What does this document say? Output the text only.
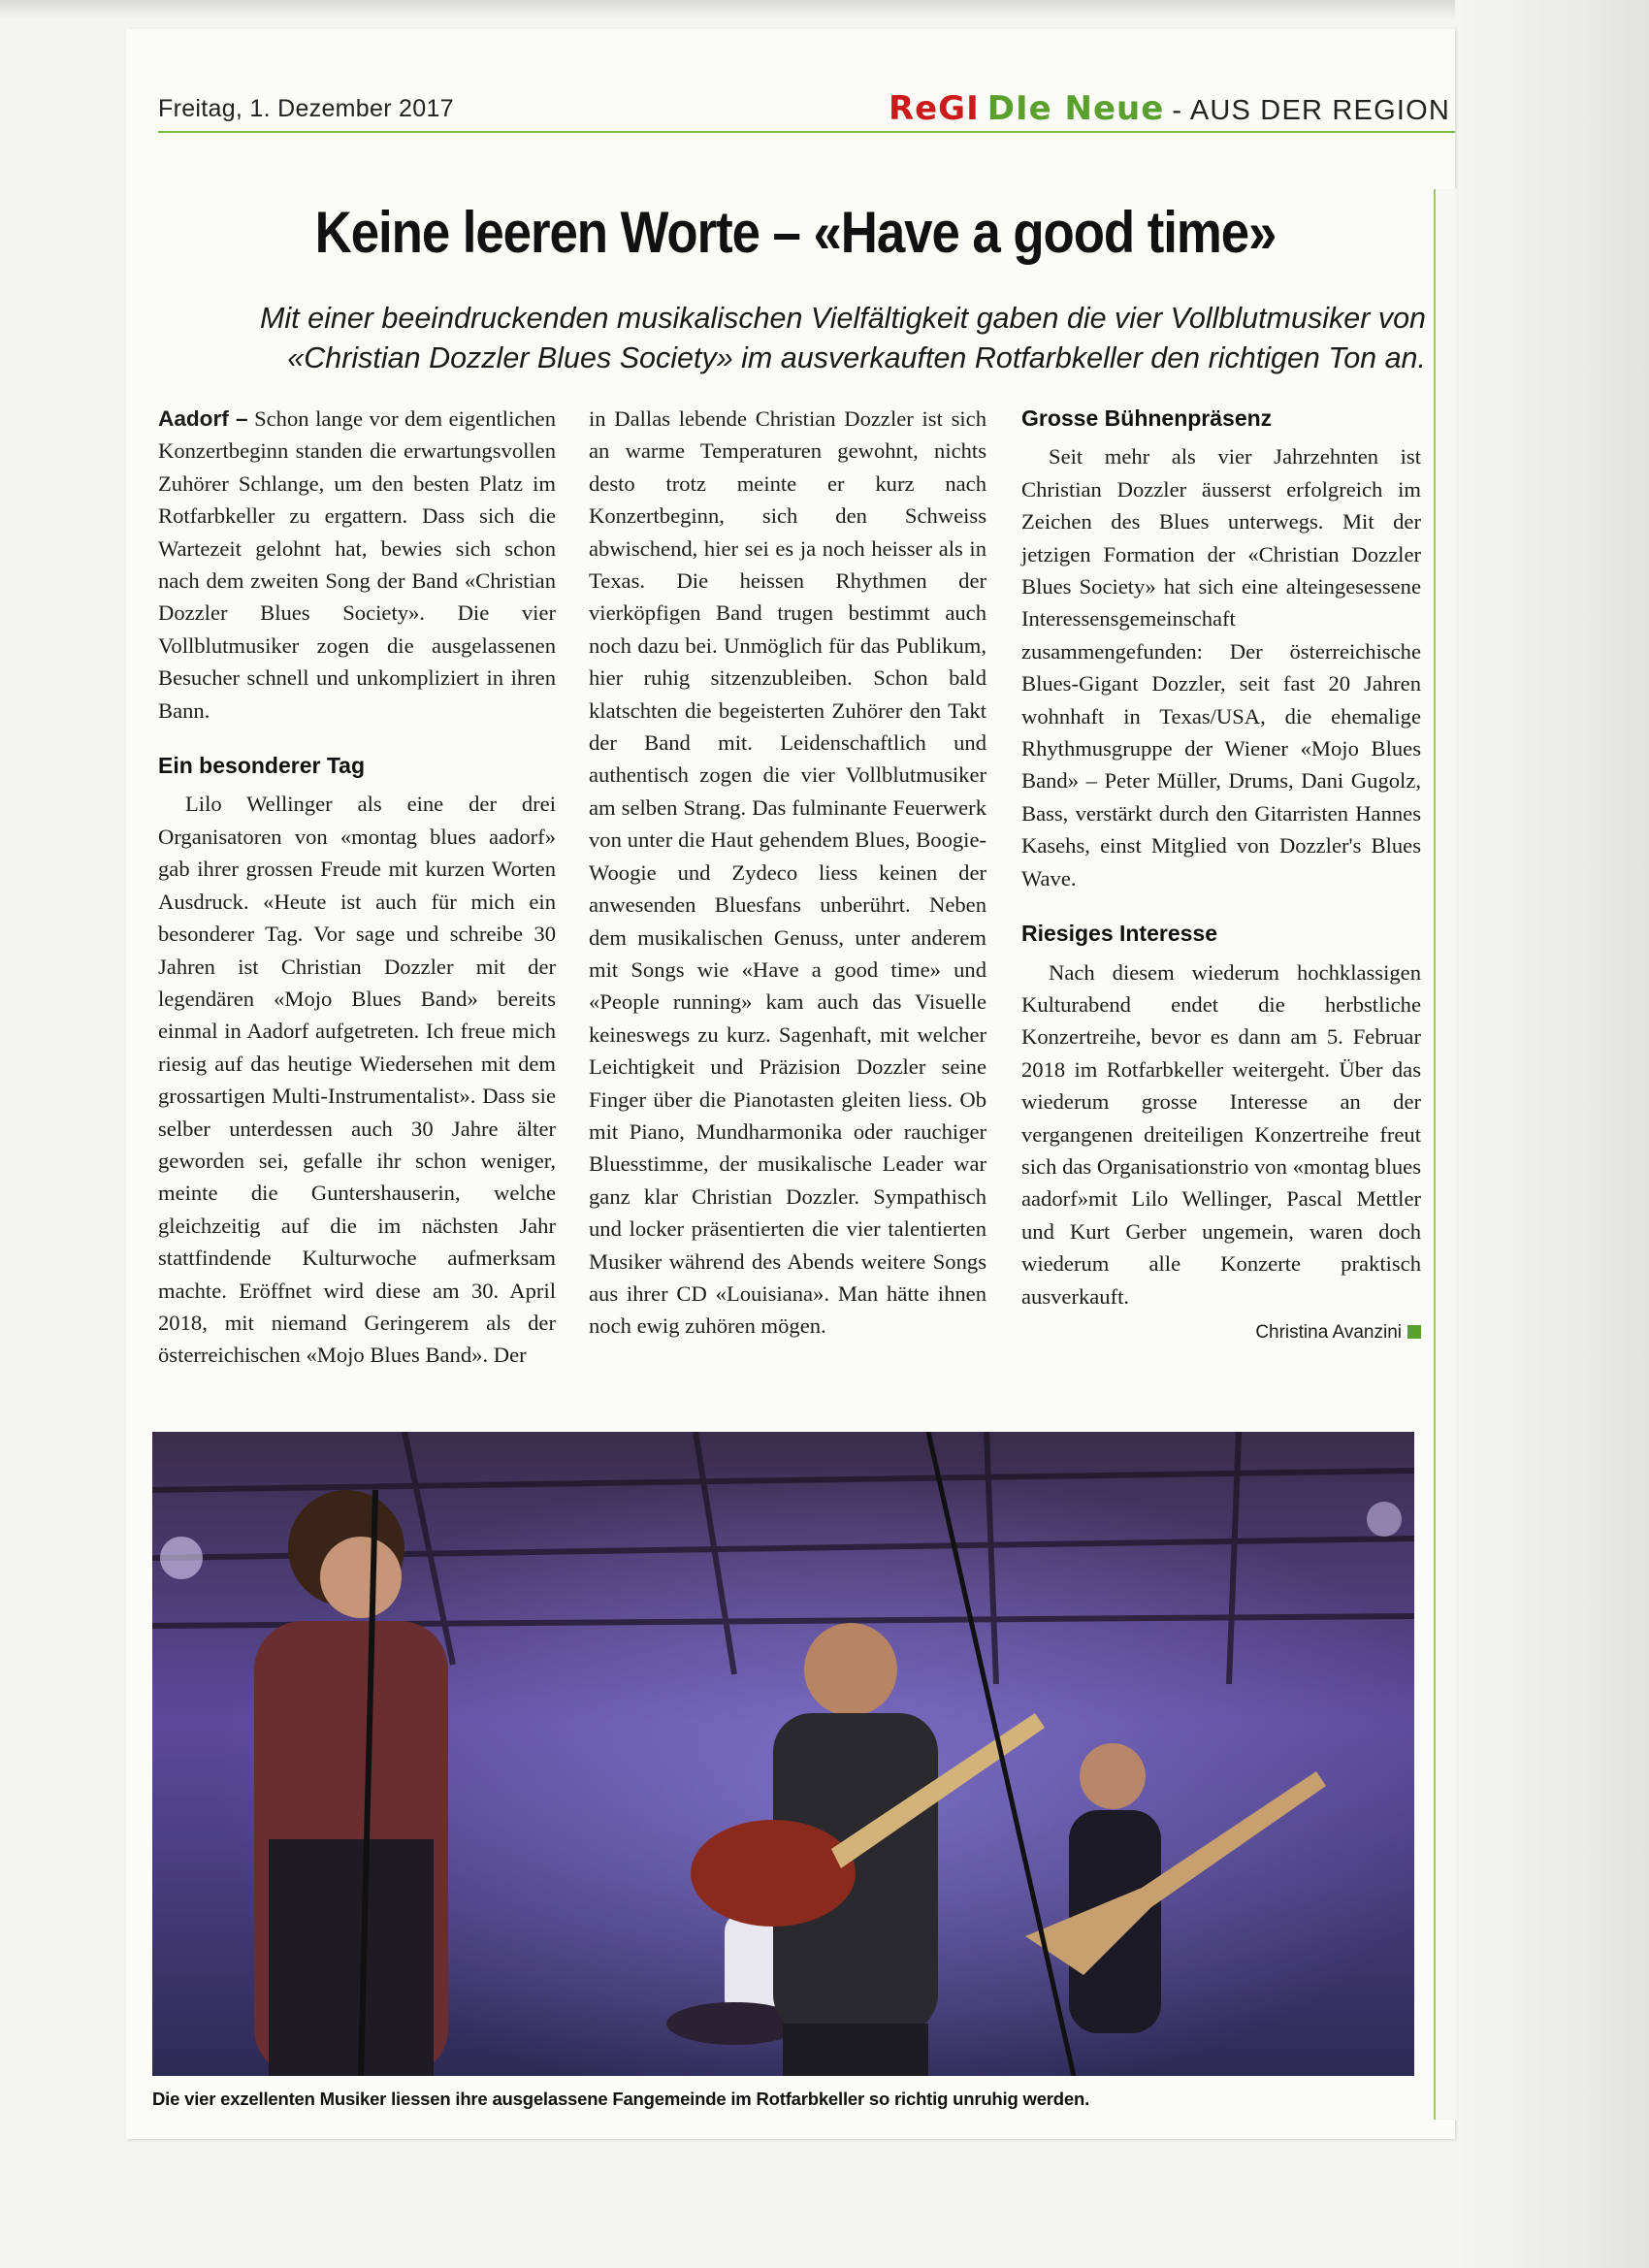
Freitag, 1. Dezember 2017	ReGI DIe Neue - AUS DER REGION
Keine leeren Worte – «Have a good time»
Mit einer beeindruckenden musikalischen Vielfältigkeit gaben die vier Vollblutmusiker von «Christian Dozzler Blues Society» im ausverkauften Rotfarbkeller den richtigen Ton an.

Aadorf – Schon lange vor dem eigentlichen Konzertbeginn standen die erwartungsvollen Zuhörer Schlange, um den besten Platz im Rotfarbkeller zu ergattern. Dass sich die Wartezeit gelohnt hat, bewies sich schon nach dem zweiten Song der Band «Christian Dozzler Blues Society». Die vier Vollblutmusiker zogen die ausgelassenen Besucher schnell und unkompliziert in ihren Bann.

Ein besonderer Tag

Lilo Wellinger als eine der drei Organisatoren von «montag blues aadorf» gab ihrer grossen Freude mit kurzen Worten Ausdruck. «Heute ist auch für mich ein besonderer Tag. Vor sage und schreibe 30 Jahren ist Christian Dozzler mit der legendären «Mojo Blues Band» bereits einmal in Aadorf aufgetreten. Ich freue mich riesig auf das heutige Wiedersehen mit dem grossartigen Multi-Instrumentalist». Dass sie selber unterdessen auch 30 Jahre älter geworden sei, gefalle ihr schon weniger, meinte die Guntershauserin, welche gleichzeitig auf die im nächsten Jahr stattfindende Kulturwoche aufmerksam machte. Eröffnet wird diese am 30. April 2018, mit niemand Geringerem als der österreichischen «Mojo Blues Band». Der

in Dallas lebende Christian Dozzler ist sich an warme Temperaturen gewohnt, nichts desto trotz meinte er kurz nach Konzertbeginn, sich den Schweiss abwischend, hier sei es ja noch heisser als in Texas. Die heissen Rhythmen der vierköpfigen Band trugen bestimmt auch noch dazu bei. Unmöglich für das Publikum, hier ruhig sitzenzubleiben. Schon bald klatschten die begeisterten Zuhörer den Takt der Band mit. Leidenschaftlich und authentisch zogen die vier Vollblutmusiker am selben Strang. Das fulminante Feuerwerk von unter die Haut gehendem Blues, Boogie-Woogie und Zydeco liess keinen der anwesenden Bluesfans unberührt. Neben dem musikalischen Genuss, unter anderem mit Songs wie «Have a good time» und «People running» kam auch das Visuelle keineswegs zu kurz. Sagenhaft, mit welcher Leichtigkeit und Präzision Dozzler seine Finger über die Pianotasten gleiten liess. Ob mit Piano, Mundharmonika oder rauchiger Bluesstimme, der musikalische Leader war ganz klar Christian Dozzler. Sympathisch und locker präsentierten die vier talentierten Musiker während des Abends weitere Songs aus ihrer CD «Louisiana». Man hätte ihnen noch ewig zuhören mögen.

Grosse Bühnenpräsenz

Seit mehr als vier Jahrzehnten ist Christian Dozzler äusserst erfolgreich im Zeichen des Blues unterwegs. Mit der jetzigen Formation der «Christian Dozzler Blues Society» hat sich eine alteingesessene Interessensgemeinschaft zusammengefunden: Der österreichische Blues-Gigant Dozzler, seit fast 20 Jahren wohnhaft in Texas/USA, die ehemalige Rhythmusgruppe der Wiener «Mojo Blues Band» – Peter Müller, Drums, Dani Gugolz, Bass, verstärkt durch den Gitarristen Hannes Kasehs, einst Mitglied von Dozzler's Blues Wave.

Riesiges Interesse

Nach diesem wiederum hochklassigen Kulturabend endet die herbstliche Konzertreihe, bevor es dann am 5. Februar 2018 im Rotfarbkeller weitergeht. Über das wiederum grosse Interesse an der vergangenen dreiteiligen Konzertreihe freut sich das Organisationstrio von «montag blues aadorf»mit Lilo Wellinger, Pascal Mettler und Kurt Gerber ungemein, waren doch wiederum alle Konzerte praktisch ausverkauft.

Christina Avanzini
Die vier exzellenten Musiker liessen ihre ausgelassene Fangemeinde im Rotfarbkeller so richtig unruhig werden.
